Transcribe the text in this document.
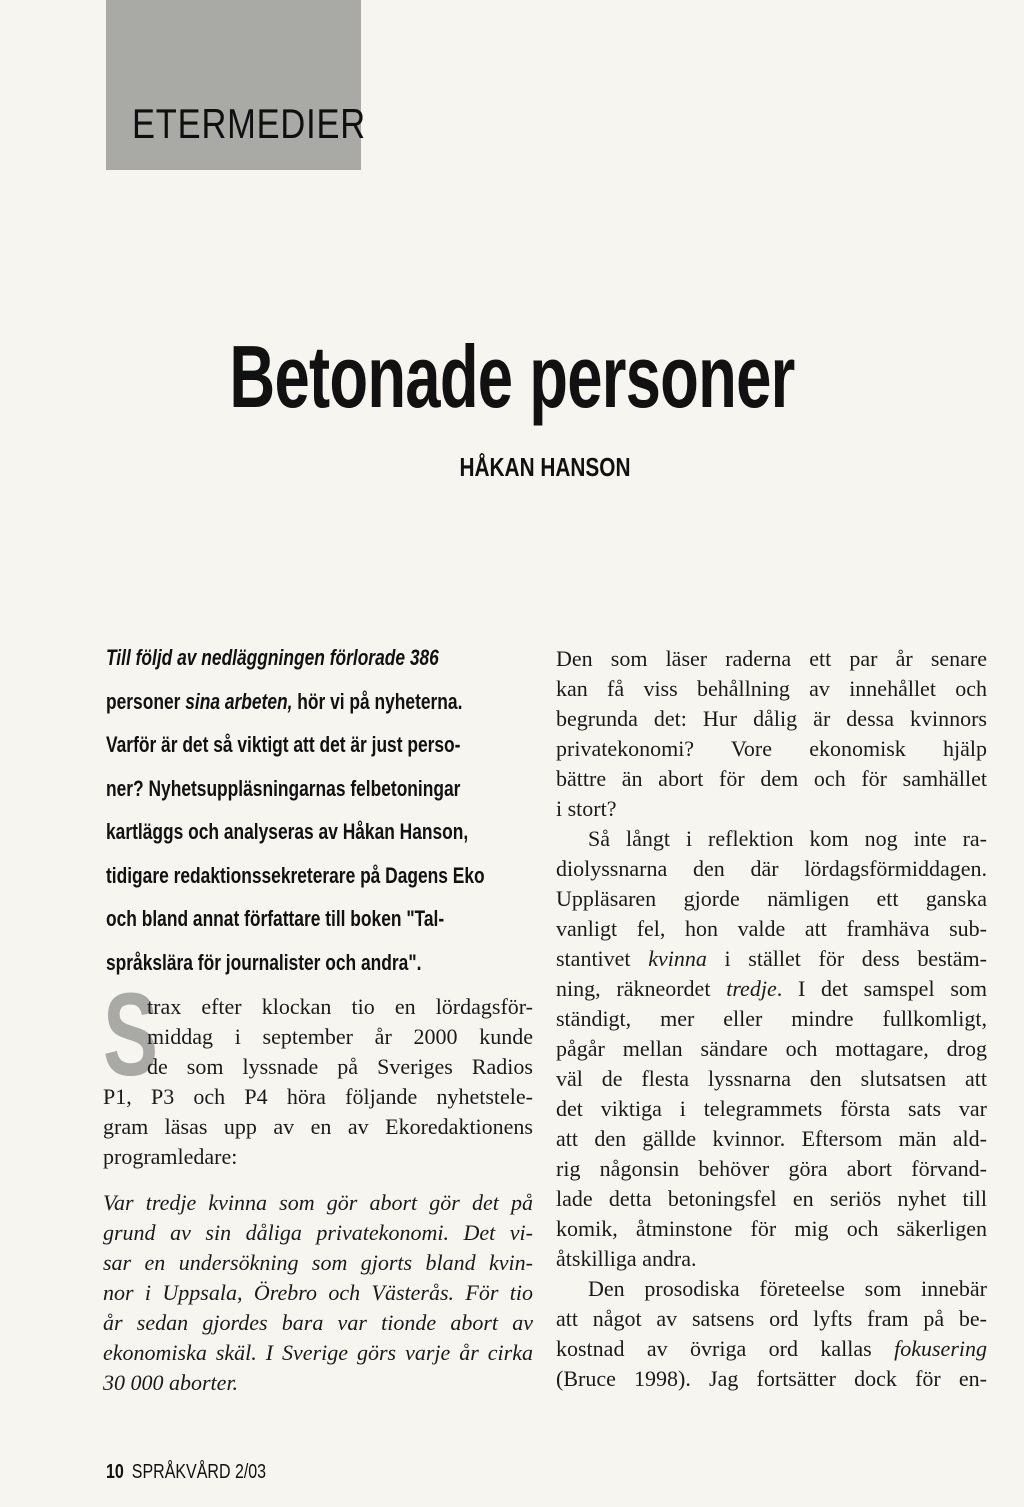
ETERMEDIER
Betonade personer
HÅKAN HANSON
Till följd av nedläggningen förlorade 386
personer sina arbeten, hör vi på nyheterna.
Varför är det så viktigt att det är just perso-
ner? Nyhetsuppläsningarnas felbetoningar
kartläggs och analyseras av Håkan Hanson,
tidigare redaktionssekreterare på Dagens Eko
och bland annat författare till boken "Tal-
språkslära för journalister och andra".
S
trax efter klockan tio en lördagsför-
middag i september år 2000 kunde
de som lyssnade på Sveriges Radios
P1, P3 och P4 höra följande nyhetstele-
gram läsas upp av en av Ekoredaktionens
programledare:
Var tredje kvinna som gör abort gör det på
grund av sin dåliga privatekonomi. Det vi-
sar en undersökning som gjorts bland kvin-
nor i Uppsala, Örebro och Västerås. För tio
år sedan gjordes bara var tionde abort av
ekonomiska skäl. I Sverige görs varje år cirka
30 000 aborter.

Den som läser raderna ett par år senare
kan få viss behållning av innehållet och
begrunda det: Hur dålig är dessa kvinnors
privatekonomi? Vore ekonomisk hjälp
bättre än abort för dem och för samhället
i stort?

Så långt i reflektion kom nog inte ra-
diolyssnarna den där lördagsförmiddagen.
Uppläsaren gjorde nämligen ett ganska
vanligt fel, hon valde att framhäva sub-
stantivet kvinna i stället för dess bestäm-
ning, räkneordet tredje. I det samspel som
ständigt, mer eller mindre fullkomligt,
pågår mellan sändare och mottagare, drog
väl de flesta lyssnarna den slutsatsen att
det viktiga i telegrammets första sats var
att den gällde kvinnor. Eftersom män ald-
rig någonsin behöver göra abort förvand-
lade detta betoningsfel en seriös nyhet till
komik, åtminstone för mig och säkerligen
åtskilliga andra.

Den prosodiska företeelse som innebär
att något av satsens ord lyfts fram på be-
kostnad av övriga ord kallas fokusering
(Bruce 1998). Jag fortsätter dock för en-

10 SPRÅKVÅRD 2/03
